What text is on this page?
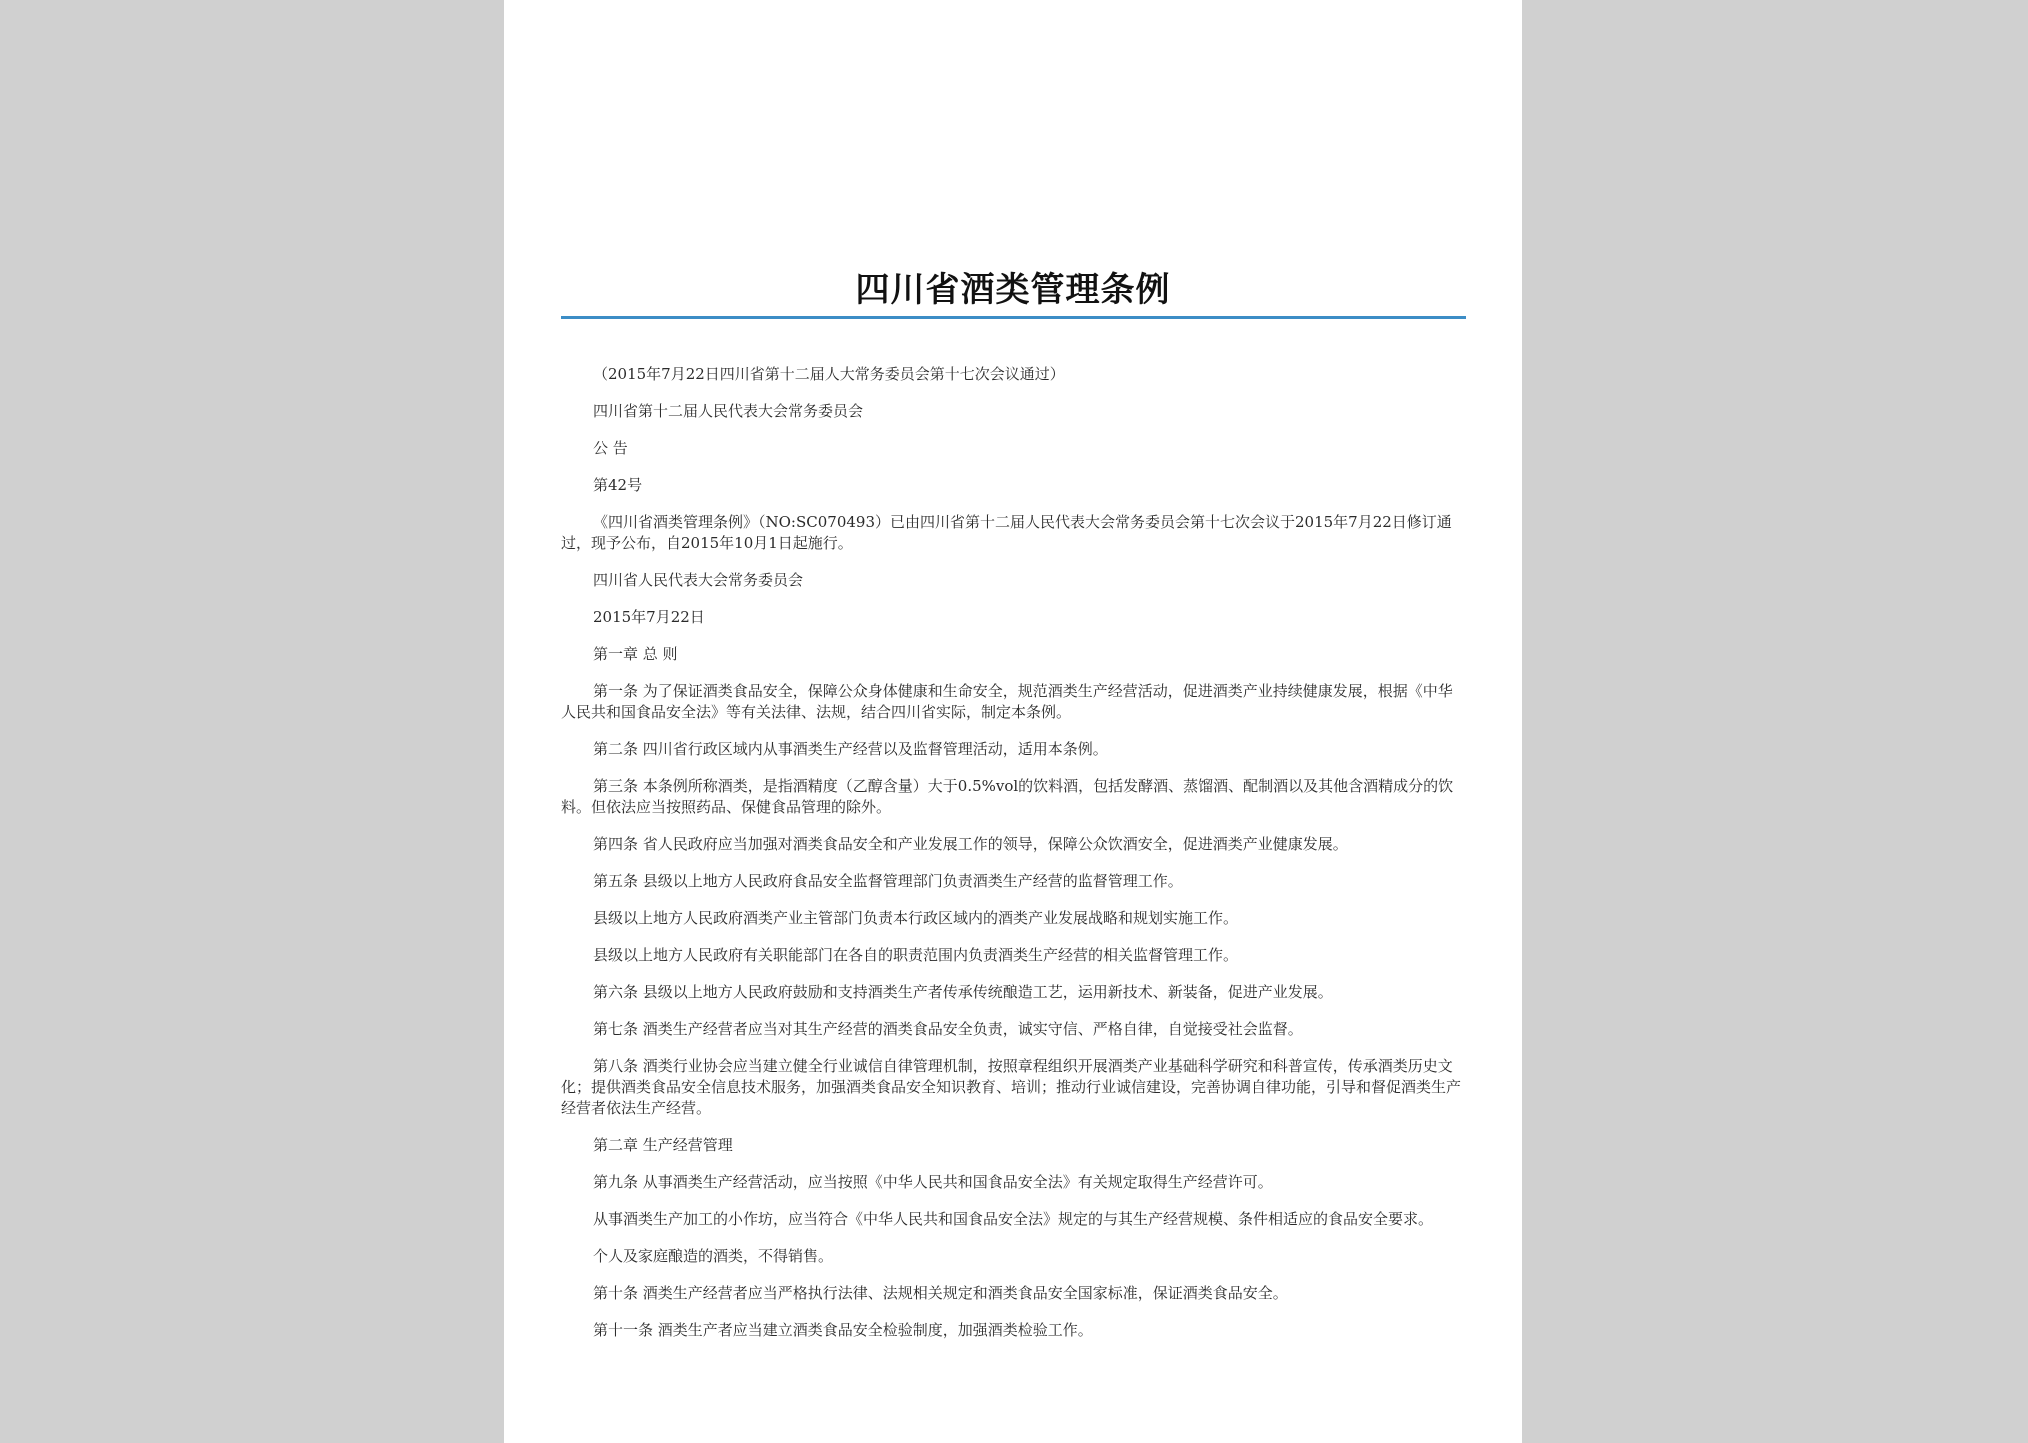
四川省酒类管理条例

（2015年7月22日四川省第十二届人大常务委员会第十七次会议通过）

四川省第十二届人民代表大会常务委员会

公 告

第42号

《四川省酒类管理条例》（NO:SC070493）已由四川省第十二届人民代表大会常务委员会第十七次会议于2015年7月22日修订通过，现予公布，自2015年10月1日起施行。

四川省人民代表大会常务委员会

2015年7月22日

第一章 总 则

第一条 为了保证酒类食品安全，保障公众身体健康和生命安全，规范酒类生产经营活动，促进酒类产业持续健康发展，根据《中华人民共和国食品安全法》等有关法律、法规，结合四川省实际，制定本条例。

第二条 四川省行政区域内从事酒类生产经营以及监督管理活动，适用本条例。

第三条 本条例所称酒类，是指酒精度（乙醇含量）大于0.5%vol的饮料酒，包括发酵酒、蒸馏酒、配制酒以及其他含酒精成分的饮料。但依法应当按照药品、保健食品管理的除外。

第四条 省人民政府应当加强对酒类食品安全和产业发展工作的领导，保障公众饮酒安全，促进酒类产业健康发展。

第五条 县级以上地方人民政府食品安全监督管理部门负责酒类生产经营的监督管理工作。

县级以上地方人民政府酒类产业主管部门负责本行政区域内的酒类产业发展战略和规划实施工作。

县级以上地方人民政府有关职能部门在各自的职责范围内负责酒类生产经营的相关监督管理工作。

第六条 县级以上地方人民政府鼓励和支持酒类生产者传承传统酿造工艺，运用新技术、新装备，促进产业发展。

第七条 酒类生产经营者应当对其生产经营的酒类食品安全负责，诚实守信、严格自律，自觉接受社会监督。

第八条 酒类行业协会应当建立健全行业诚信自律管理机制，按照章程组织开展酒类产业基础科学研究和科普宣传，传承酒类历史文化；提供酒类食品安全信息技术服务，加强酒类食品安全知识教育、培训；推动行业诚信建设，完善协调自律功能，引导和督促酒类生产经营者依法生产经营。

第二章 生产经营管理

第九条 从事酒类生产经营活动，应当按照《中华人民共和国食品安全法》有关规定取得生产经营许可。

从事酒类生产加工的小作坊，应当符合《中华人民共和国食品安全法》规定的与其生产经营规模、条件相适应的食品安全要求。

个人及家庭酿造的酒类，不得销售。

第十条 酒类生产经营者应当严格执行法律、法规相关规定和酒类食品安全国家标准，保证酒类食品安全。

第十一条 酒类生产者应当建立酒类食品安全检验制度，加强酒类检验工作。
